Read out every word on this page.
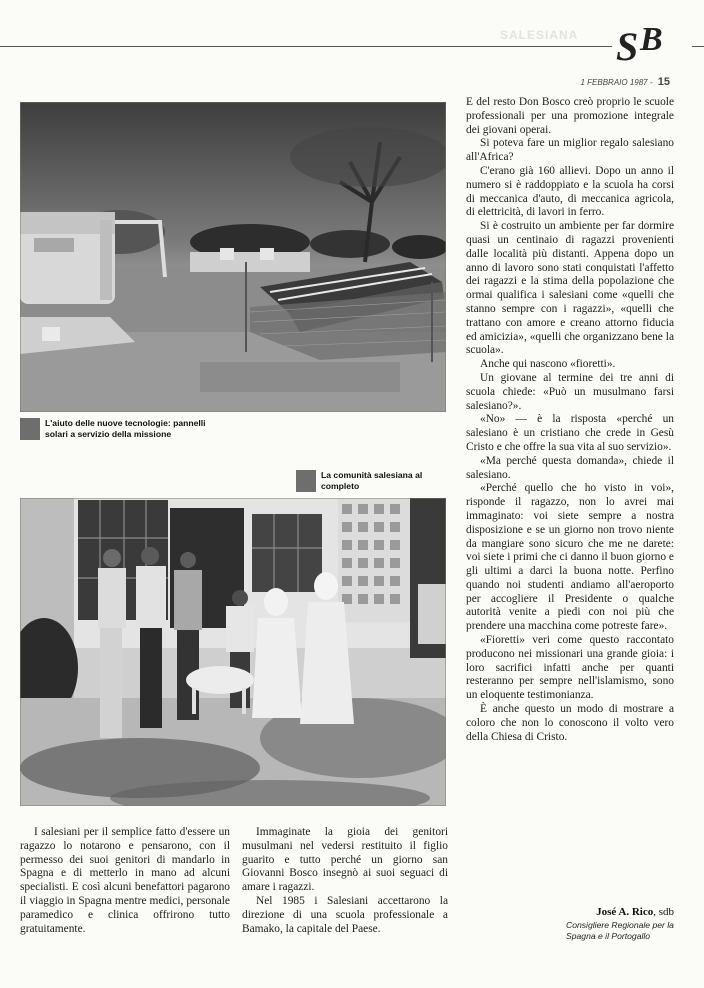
SALESIANA S B
1 FEBBRAIO 1987 - 15
L'aiuto delle nuove tecnologie: pannelli solari a servizio della missione
La comunità salesiana al completo

E del resto Don Bosco creò proprio le scuole professionali per una promozione integrale dei giovani operai.

Si poteva fare un miglior regalo salesiano all'Africa?

C'erano già 160 allievi. Dopo un anno il numero si è raddoppiato e la scuola ha corsi di meccanica d'auto, di meccanica agricola, di elettricità, di lavori in ferro.

Si è costruito un ambiente per far dormire quasi un centinaio di ragazzi provenienti dalle località più distanti. Appena dopo un anno di lavoro sono stati conquistati l'affetto dei ragazzi e la stima della popolazione che ormai qualifica i salesiani come «quelli che stanno sempre con i ragazzi», «quelli che trattano con amore e creano attorno fiducia ed amicizia», «quelli che organizzano bene la scuola».

Anche qui nascono «fioretti».

Un giovane al termine dei tre anni di scuola chiede: «Può un musulmano farsi salesiano?».

«No» — è la risposta «perché un salesiano è un cristiano che crede in Gesù Cristo e che offre la sua vita al suo servizio».

«Ma perché questa domanda», chiede il salesiano.

«Perché quello che ho visto in voi», risponde il ragazzo, non lo avrei mai immaginato: voi siete sempre a nostra disposizione e se un giorno non trovo niente da mangiare sono sicuro che me ne darete: voi siete i primi che ci danno il buon giorno e gli ultimi a darci la buona notte. Perfino quando noi studenti andiamo all'aeroporto per accogliere il Presidente o qualche autorità venite a piedi con noi più che prendere una macchina come potreste fare».

«Fioretti» veri come questo raccontato producono nei missionari una grande gioia: i loro sacrifici infatti anche per quanti resteranno per sempre nell'islamismo, sono un eloquente testimonianza.

È anche questo un modo di mostrare a coloro che non lo conoscono il volto vero della Chiesa di Cristo.

I salesiani per il semplice fatto d'essere un ragazzo lo notarono e pensarono, con il permesso dei suoi genitori di mandarlo in Spagna e di metterlo in mano ad alcuni specialisti. E così alcuni benefattori pagarono il viaggio in Spagna mentre medici, personale paramedico e clinica offrirono tutto gratuitamente.

Immaginate la gioia dei genitori musulmani nel vedersi restituito il figlio guarito e tutto perché un giorno san Giovanni Bosco insegnò ai suoi seguaci di amare i ragazzi.

Nel 1985 i Salesiani accettarono la direzione di una scuola professionale a Bamako, la capitale del Paese.

José A. Rico, sdb
Consigliere Regionale per la Spagna e il Portogallo
